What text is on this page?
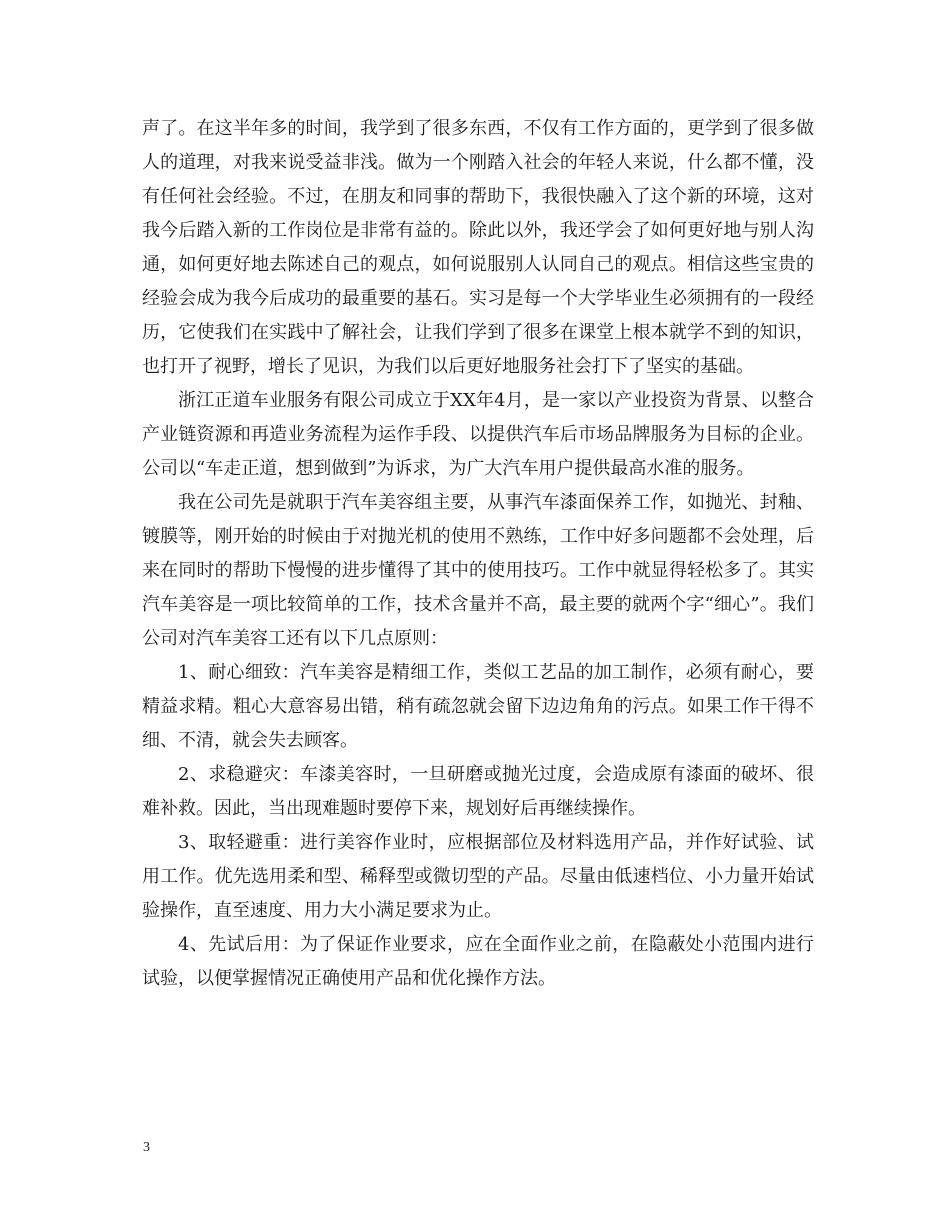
声了。在这半年多的时间，我学到了很多东西，不仅有工作方面的，更学到了很多做人的道理，对我来说受益非浅。做为一个刚踏入社会的年轻人来说，什么都不懂，没有任何社会经验。不过，在朋友和同事的帮助下，我很快融入了这个新的环境，这对我今后踏入新的工作岗位是非常有益的。除此以外，我还学会了如何更好地与别人沟通，如何更好地去陈述自己的观点，如何说服别人认同自己的观点。相信这些宝贵的经验会成为我今后成功的最重要的基石。实习是每一个大学毕业生必须拥有的一段经历，它使我们在实践中了解社会，让我们学到了很多在课堂上根本就学不到的知识，也打开了视野，增长了见识，为我们以后更好地服务社会打下了坚实的基础。

浙江正道车业服务有限公司成立于XX年4月，是一家以产业投资为背景、以整合产业链资源和再造业务流程为运作手段、以提供汽车后市场品牌服务为目标的企业。公司以“车走正道，想到做到”为诉求，为广大汽车用户提供最高水准的服务。

我在公司先是就职于汽车美容组主要，从事汽车漆面保养工作，如抛光、封釉、镀膜等，刚开始的时候由于对抛光机的使用不熟练，工作中好多问题都不会处理，后来在同时的帮助下慢慢的进步懂得了其中的使用技巧。工作中就显得轻松多了。其实汽车美容是一项比较简单的工作，技术含量并不高，最主要的就两个字“细心”。我们公司对汽车美容工还有以下几点原则：

1、耐心细致：汽车美容是精细工作，类似工艺品的加工制作，必须有耐心，要精益求精。粗心大意容易出错，稍有疏忽就会留下边边角角的污点。如果工作干得不细、不清，就会失去顾客。

2、求稳避灾：车漆美容时，一旦研磨或抛光过度，会造成原有漆面的破坏、很难补救。因此，当出现难题时要停下来，规划好后再继续操作。

3、取轻避重：进行美容作业时，应根据部位及材料选用产品，并作好试验、试用工作。优先选用柔和型、稀释型或微切型的产品。尽量由低速档位、小力量开始试验操作，直至速度、用力大小满足要求为止。

4、先试后用：为了保证作业要求，应在全面作业之前，在隐蔽处小范围内进行试验，以便掌握情况正确使用产品和优化操作方法。

3
